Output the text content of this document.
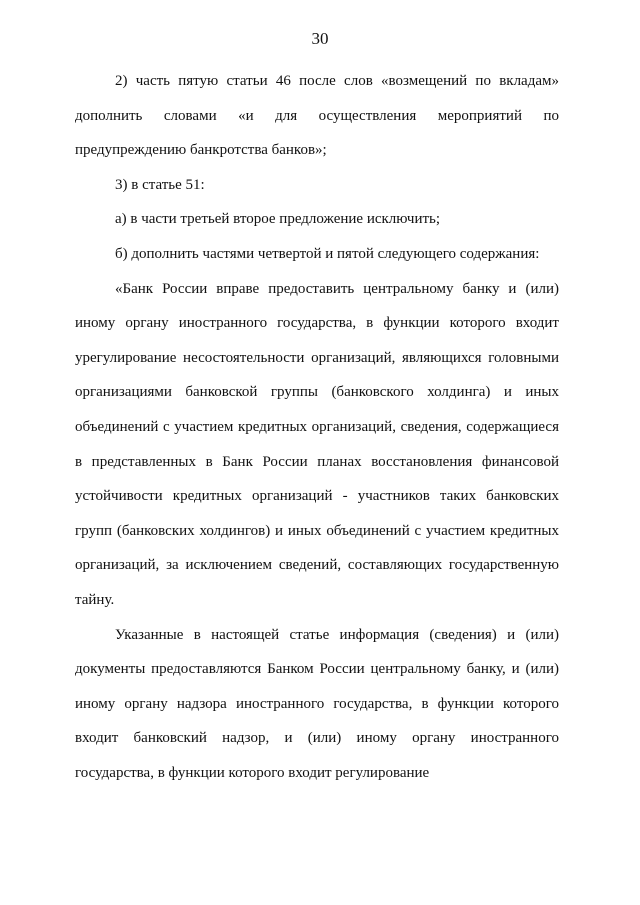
30

2) часть пятую статьи 46 после слов «возмещений по вкладам» дополнить словами «и для осуществления мероприятий по предупреждению банкротства банков»;

3) в статье 51:

а) в части третьей второе предложение исключить;

б) дополнить частями четвертой и пятой следующего содержания:

«Банк России вправе предоставить центральному банку и (или) иному органу иностранного государства, в функции которого входит урегулирование несостоятельности организаций, являющихся головными организациями банковской группы (банковского холдинга) и иных объединений с участием кредитных организаций, сведения, содержащиеся в представленных в Банк России планах восстановления финансовой устойчивости кредитных организаций - участников таких банковских групп (банковских холдингов) и иных объединений с участием кредитных организаций, за исключением сведений, составляющих государственную тайну.

Указанные в настоящей статье информация (сведения) и (или) документы предоставляются Банком России центральному банку, и (или) иному органу надзора иностранного государства, в функции которого входит банковский надзор, и (или) иному органу иностранного государства, в функции которого входит регулирование
